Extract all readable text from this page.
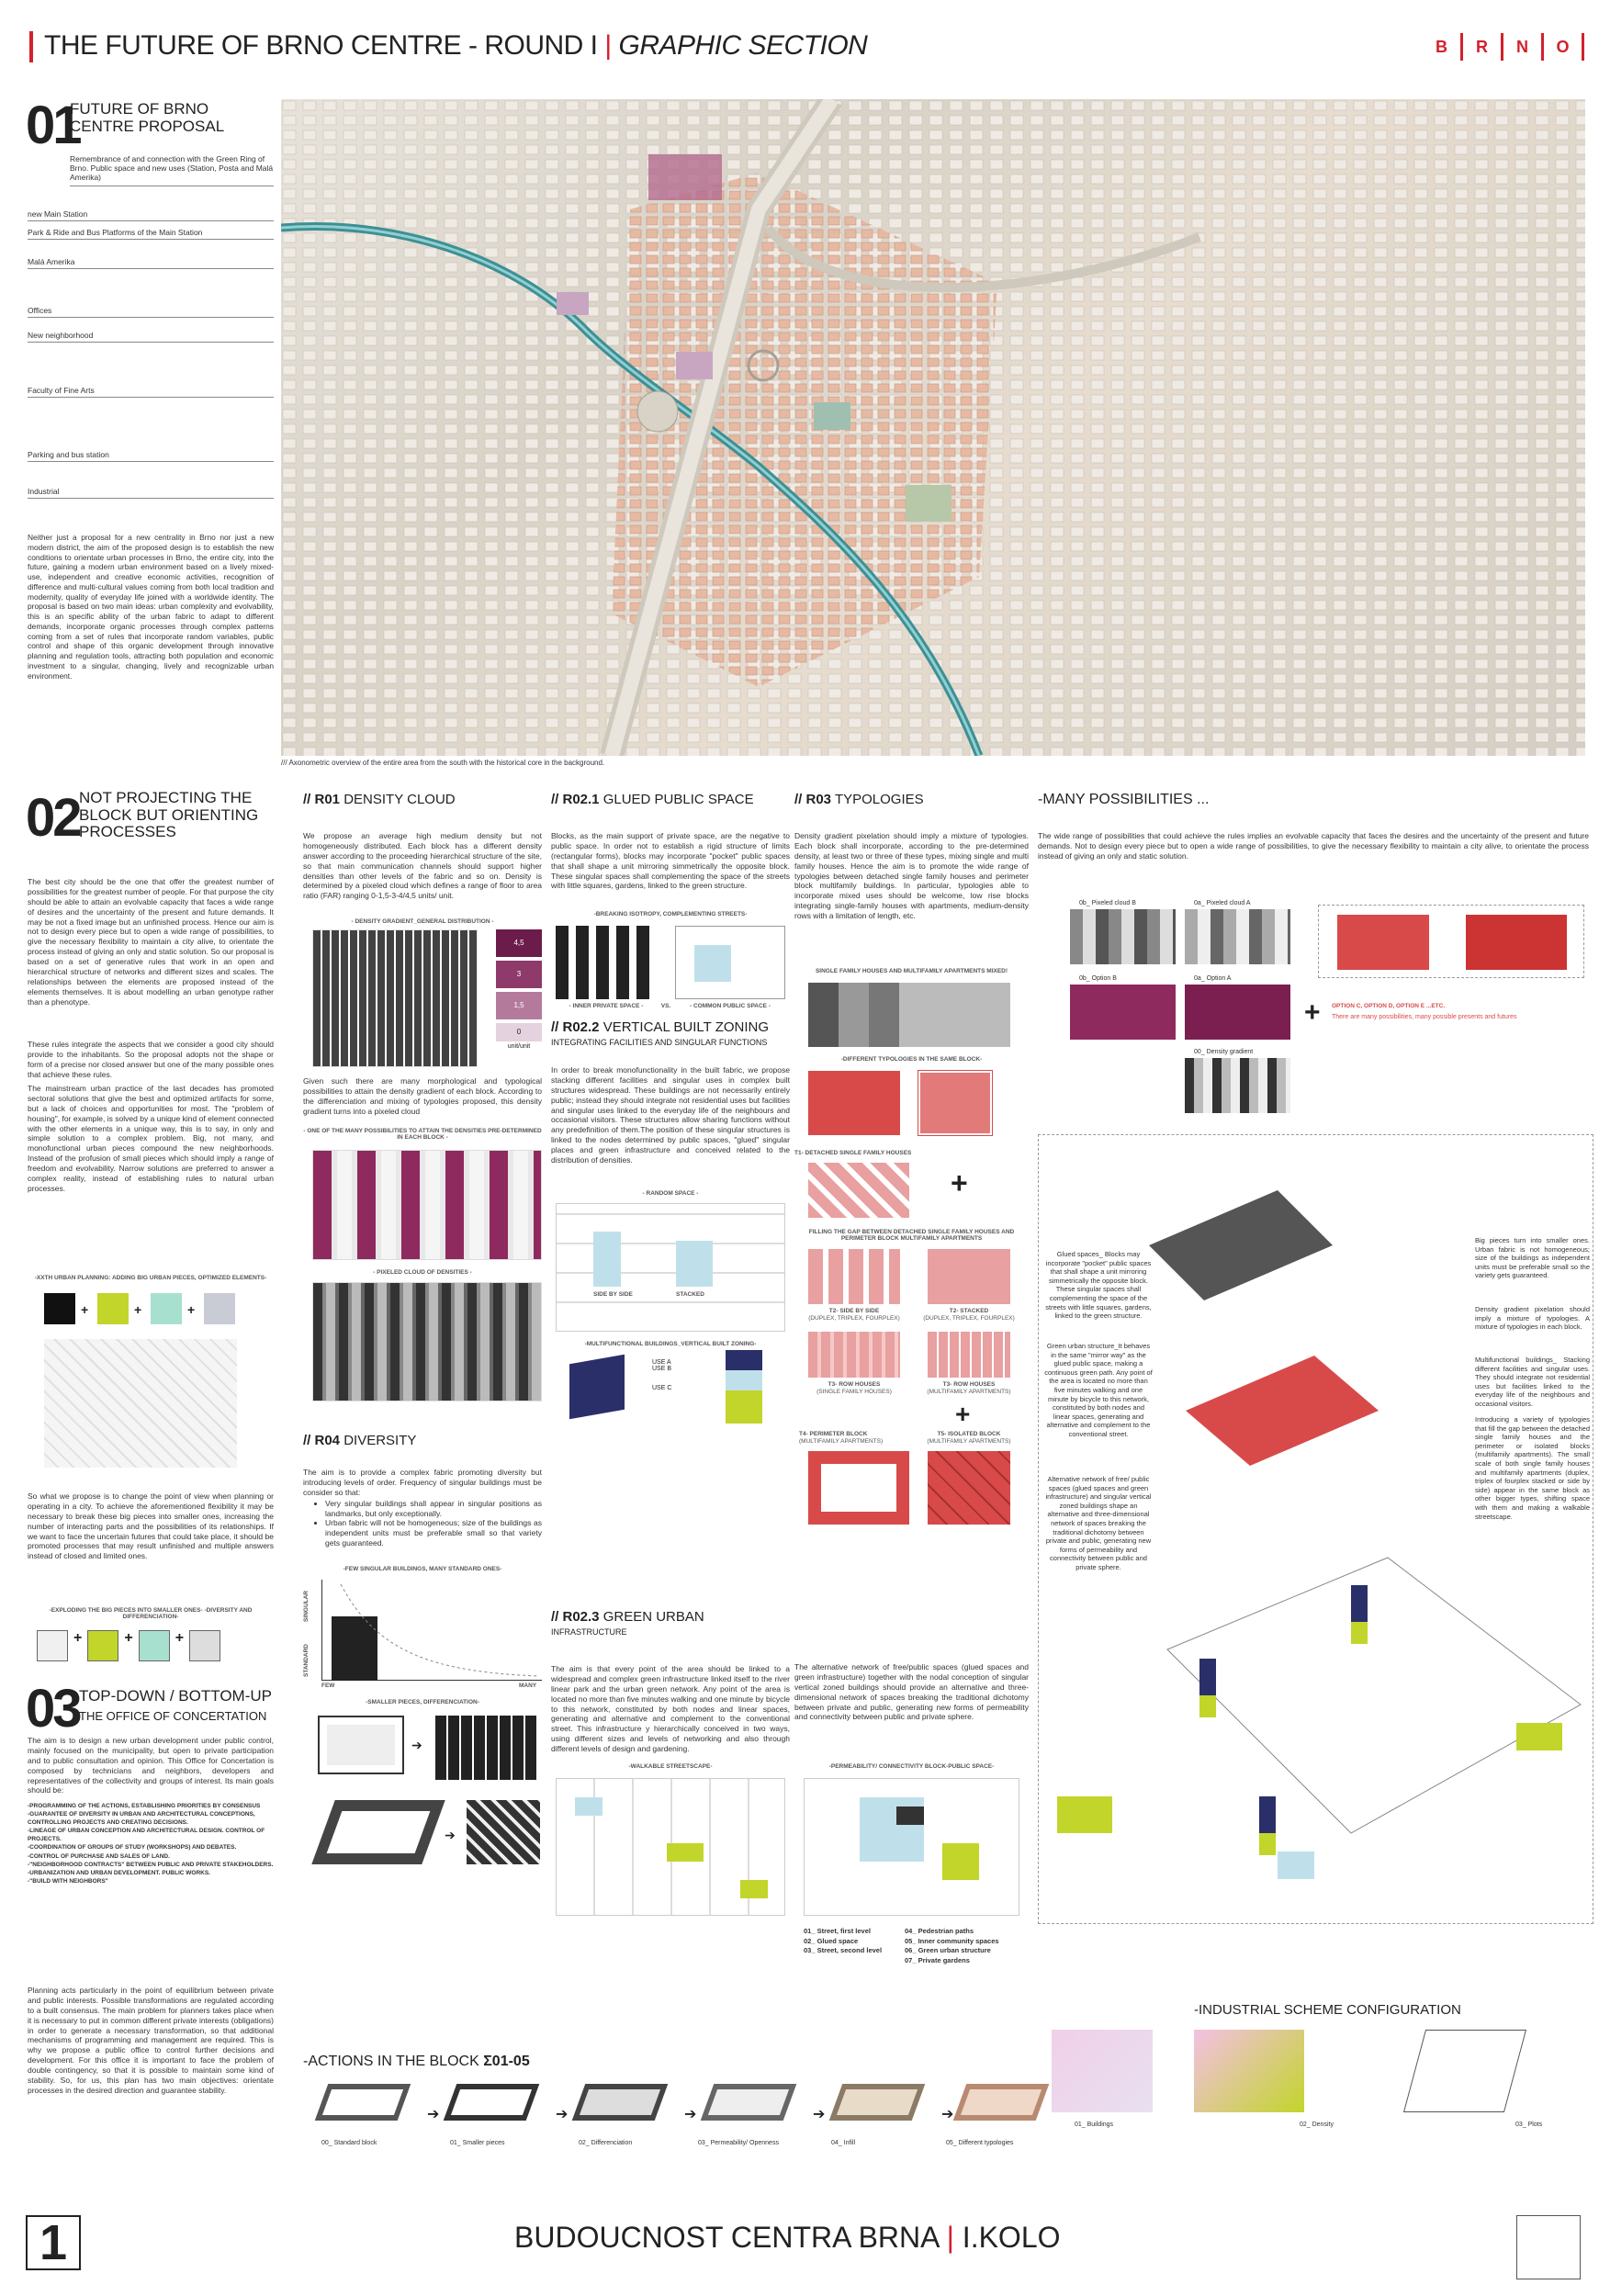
THE FUTURE OF BRNO CENTRE - ROUND I | GRAPHIC SECTION	B	R	N	O
01
FUTURE OF BRNO CENTRE PROPOSAL
Remembrance of and connection with the Green Ring of Brno. Public space and new uses (Station, Posta and Malá Amerika)
new Main Station
Park & Ride and Bus Platforms of the Main Station
Malá Amerika
Offices
New neighborhood
Faculty of Fine Arts
Parking and bus station
Industrial
Neither just a proposal for a new centrality in Brno nor just a new modern district, the aim of the proposed design is to establish the new conditions to orientate urban processes in Brno, the entire city, into the future, gaining a modern urban environment based on a lively mixed-use, independent and creative economic activities, recognition of difference and multi-cultural values coming from both local tradition and modernity, quality of everyday life joined with a worldwide identity. The proposal is based on two main ideas: urban complexity and evolvability, this is an specific ability of the urban fabric to adapt to different demands, incorporate organic processes through complex patterns coming from a set of rules that incorporate random variables, public control and shape of this organic development through innovative planning and regulation tools, attracting both population and economic investment to a singular, changing, lively and recognizable urban environment.
/// Axonometric overview of the entire area from the south with the historical core in the background.
02 NOT PROJECTING THE BLOCK BUT ORIENTING PROCESSES
The best city should be the one that offer the greatest number of possibilities for the greatest number of people. For that purpose the city should be able to attain an evolvable capacity that faces a wide range of desires and the uncertainty of the present and future demands. It may be not a fixed image but an unfinished process. Hence our aim is not to design every piece but to open a wide range of possibilities, to give the necessary flexibility to maintain a city alive, to orientate the process instead of giving an only and static solution. So our proposal is based on a set of generative rules that work in an open and hierarchical structure of networks and different sizes and scales. The relationships between the elements are proposed instead of the elements themselves. It is about modelling an urban genotype rather than a phenotype.
These rules integrate the aspects that we consider a good city should provide to the inhabitants. So the proposal adopts not the shape or form of a precise nor closed answer but one of the many possible ones that achieve these rules.
The mainstream urban practice of the last decades has promoted sectoral solutions that give the best and optimized artifacts for some, but a lack of choices and opportunities for most. The "problem of housing", for example, is solved by a unique kind of element connected with the other elements in a unique way, this is to say, in only and simple solution to a complex problem. Big, not many, and monofunctional urban pieces compound the new neighborhoods. Instead of the profusion of small pieces which should imply a range of freedom and evolvability. Narrow solutions are preferred to answer a complex reality, instead of establishing rules to natural urban processes.
-XXTH URBAN PLANNING: ADDING BIG URBAN PIECES, OPTIMIZED ELEMENTS-
+	+	+
So what we propose is to change the point of view when planning or operating in a city. To achieve the aforementioned flexibility it may be necessary to break these big pieces into smaller ones, increasing the number of interacting parts and the possibilities of its relationships. If we want to face the uncertain futures that could take place, it should be promoted processes that may result unfinished and multiple answers instead of closed and limited ones.
-EXPLODING THE BIG PIECES INTO SMALLER ONES- -DIVERSITY AND DIFFERENCIATION-
+	+	+
03 TOP-DOWN / BOTTOM-UP
THE OFFICE OF CONCERTATION
The aim is to design a new urban development under public control, mainly focused on the municipality, but open to private participation and to public consultation and opinion. This Office for Concertation is composed by technicians and neighbors, developers and representatives of the collectivity and groups of interest. Its main goals should be:
-PROGRAMMING OF THE ACTIONS, ESTABLISHING PRIORITIES BY CONSENSUS
-GUARANTEE OF DIVERSITY IN URBAN AND ARCHITECTURAL CONCEPTIONS, CONTROLLING PROJECTS AND CREATING DECISIONS.
-LINEAGE OF URBAN CONCEPTION AND ARCHITECTURAL DESIGN. CONTROL OF PROJECTS.
-COORDINATION OF GROUPS OF STUDY (WORKSHOPS) AND DEBATES.
-CONTROL OF PURCHASE AND SALES OF LAND.
-"NEIGHBORHOOD CONTRACTS" BETWEEN PUBLIC AND PRIVATE STAKEHOLDERS.
-URBANIZATION AND URBAN DEVELOPMENT. PUBLIC WORKS.
-"BUILD WITH NEIGHBORS"
Planning acts particularly in the point of equilibrium between private and public interests. Possible transformations are regulated according to a built consensus. The main problem for planners takes place when it is necessary to put in common different private interests (obligations) in order to generate a necessary transformation, so that additional mechanisms of programming and management are required. This is why we propose a public office to control further decisions and development. For this office it is important to face the problem of double contingency, so that it is possible to maintain some kind of stability. So, for us, this plan has two main objectives: orientate processes in the desired direction and guarantee stability.
// R01 DENSITY CLOUD
We propose an average high medium density but not homogeneously distributed. Each block has a different density answer according to the proceeding hierarchical structure of the site, so that main communication channels should support higher densities than other levels of the fabric and so on. Density is determined by a pixeled cloud which defines a range of floor to area ratio (FAR) ranging 0-1,5-3-4/4,5 units/ unit.
- DENSITY GRADIENT_GENERAL DISTRIBUTION -
4,5
3
1,5
0
unit/unit
Given such there are many morphological and typological possibilities to attain the density gradient of each block. According to the differenciation and mixing of typologies proposed, this density gradient turns into a pixeled cloud
- ONE OF THE MANY POSSIBILITIES TO ATTAIN THE DENSITIES PRE-DETERMINED IN EACH BLOCK -
- PIXELED CLOUD OF DENSITIES -
// R04 DIVERSITY
The aim is to provide a complex fabric promoting diversity but introducing levels of order. Frequency of singular buildings must be consider so that:
• Very singular buildings shall appear in singular positions as landmarks, but only exceptionally.
• Urban fabric will not be homogeneous; size of the buildings as independent units must be preferable small so that variety gets guaranteed.
-FEW SINGULAR BUILDINGS, MANY STANDARD ONES-
SINGULAR
STANDARD
FEW	MANY
-SMALLER PIECES, DIFFERENCIATION-
➔
➔
// R02.1 GLUED PUBLIC SPACE
Blocks, as the main support of private space, are the negative to public space. In order not to establish a rigid structure of limits (rectangular forms), blocks may incorporate "pocket" public spaces that shall shape a unit mirroring simmetrically the opposite block. These singular spaces shall complementing the space of the streets with little squares, gardens, linked to the green structure.
-BREAKING ISOTROPY, COMPLEMENTING STREETS-
- INNER PRIVATE SPACE -	VS.	- COMMON PUBLIC SPACE -
// R02.2 VERTICAL BUILT ZONING
INTEGRATING FACILITIES AND SINGULAR FUNCTIONS
In order to break monofunctionality in the built fabric, we propose stacking different facilities and singular uses in complex built structures widespread. These buildings are not necessarily entirely public; instead they should integrate not residential uses but facilities and singular uses linked to the everyday life of the neighbours and occasional visitors. These structures allow sharing functions without any predefinition of them.The position of these singular structures is linked to the nodes determined by public spaces, "glued" singular places and green infrastructure and conceived related to the distribution of densities.
- RANDOM SPACE -
SIDE BY SIDE	STACKED
-MULTIFUNCTIONAL BUILDINGS_VERTICAL BUILT ZONING-
USE A
USE B
USE C
// R02.3 GREEN URBAN
INFRASTRUCTURE
The aim is that every point of the area should be linked to a widespread and complex green infrastructure linked itself to the river linear park and the urban green network. Any point of the area is located no more than five minutes walking and one minute by bicycle to this network, constituted by both nodes and linear spaces, generating and alternative and complement to the conventional street. This infrastructure y hierarchically conceived in two ways, using different sizes and levels of networking and also through different levels of design and gardening.
-WALKABLE STREETSCAPE-
// R03 TYPOLOGIES
Density gradient pixelation should imply a mixture of typologies. Each block shall incorporate, according to the pre-determined density, at least two or three of these types, mixing single and multi family houses. Hence the aim is to promote the wide range of typologies between detached single family houses and perimeter block multifamily buildings. In particular, typologies able to incorporate mixed uses should be welcome, low rise blocks integrating single-family houses with apartments, medium-density rows with a limitation of length, etc.
SINGLE FAMILY HOUSES AND MULTIFAMILY APARTMENTS MIXED!
-DIFFERENT TYPOLOGIES IN THE SAME BLOCK-
T1- DETACHED SINGLE FAMILY HOUSES
+
FILLING THE GAP BETWEEN DETACHED SINGLE FAMILY HOUSES AND PERIMETER BLOCK MULTIFAMILY APARTMENTS
T2- SIDE BY SIDE
(DUPLEX, TRIPLEX, FOURPLEX)
T2- STACKED
(DUPLEX, TRIPLEX, FOURPLEX)
T3- ROW HOUSES
(SINGLE FAMILY HOUSES)
T3- ROW HOUSES
(MULTIFAMILY APARTMENTS)
+
T4- PERIMETER BLOCK
(MULTIFAMILY APARTMENTS)
T5- ISOLATED BLOCK
(MULTIFAMILY APARTMENTS)
The alternative network of free/public spaces (glued spaces and green infrastructure) together with the nodal conception of singular vertical zoned buildings should provide an alternative and three-dimensional network of spaces breaking the traditional dichotomy between private and public, generating new forms of permeability and connectivity between public and private sphere.
-PERMEABILITY/ CONNECTIVITY BLOCK-PUBLIC SPACE-
01_ Street, first level
02_ Glued space
03_ Street, second level
04_ Pedestrian paths
05_ Inner community spaces
06_ Green urban structure
07_ Private gardens
-MANY POSSIBILITIES ...
The wide range of possibilities that could achieve the rules implies an evolvable capacity that faces the desires and the uncertainty of the present and future demands. Not to design every piece but to open a wide range of possibilities, to give the necessary flexibility to maintain a city alive, to orientate the process instead of giving an only and static solution.
0b_ Pixeled cloud B	0a_ Pixeled cloud A
0b_ Option B	0a_ Option A
+ OPTION C, OPTION D, OPTION E ...ETC.
There are many possibilities, many possible presents and futures
00_ Density gradient
Glued spaces_ Blocks may incorporate "pocket" public spaces that shall shape a unit mirroring simmetrically the opposite block. These singular spaces shall complementing the space of the streets with little squares, gardens, linked to the green structure.
Green urban structure_It behaves in the same "mirror way" as the glued public space, making a continuous green path. Any point of the area is located no more than five minutes walking and one minute by bicycle to this network, constituted by both nodes and linear spaces, generating and alternative and complement to the conventional street.
Alternative network of free/ public spaces (glued spaces and green infrastructure) and singular vertical zoned buildings shape an alternative and three-dimensional network of spaces breaking the traditional dichotomy between private and public, generating new forms of permeability and connectivity between public and private sphere.
Big pieces turn into smaller ones. Urban fabric is not homogeneous; size of the buildings as independent units must be preferable small so the variety gets guaranteed.
Density gradient pixelation should imply a mixture of typologies. A mixture of typologies in each block.
Multifunctional buildings_ Stacking different facilities and singular uses. They should integrate not residential uses but facilities linked to the everyday life of the neighbours and occasional visitors.
Introducing a variety of typologies that fill the gap between the detached single family houses and the perimeter or isolated blocks (multifamily apartments). The small scale of both single family houses and multifamily apartments (duplex, triplex of fourplex stacked or side by side) appear in the same block as other bigger types, shifting space with them and making a walkable streetscape.
-INDUSTRIAL SCHEME CONFIGURATION
01_ Buildings	02_ Density	03_ Plots
-ACTIONS IN THE BLOCK Σ01-05
➔	➔	➔	➔	➔
00_ Standard block	01_ Smaller pieces	02_ Differenciation	03_ Permeability/ Openness	04_ Infill	05_ Different typologies
1	BUDOUCNOST CENTRA BRNA | I.KOLO
